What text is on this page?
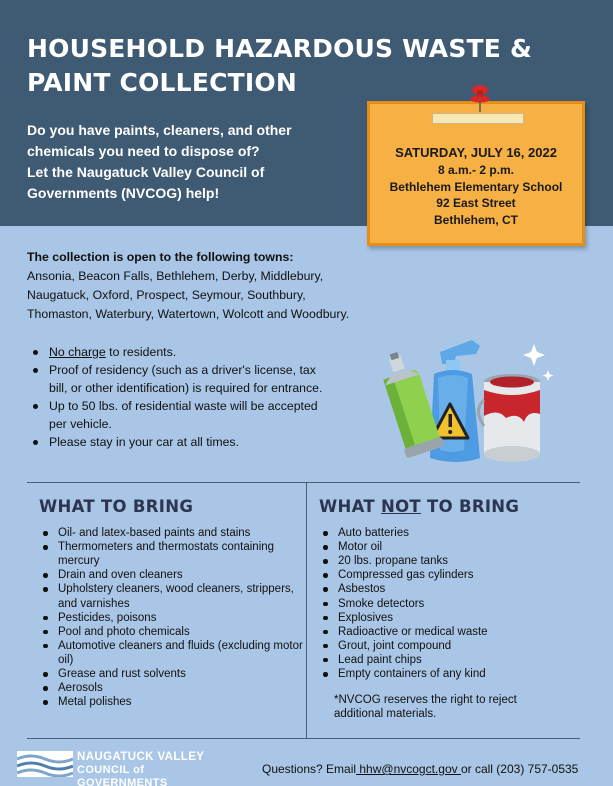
HOUSEHOLD HAZARDOUS WASTE &
PAINT COLLECTION
Do you have paints, cleaners, and other
chemicals you need to dispose of?
Let the Naugatuck Valley Council of
Governments (NVCOG) help!
SATURDAY, JULY 16, 2022
8 a.m.- 2 p.m.
Bethlehem Elementary School
92 East Street
Bethlehem, CT
The collection is open to the following towns:
Ansonia, Beacon Falls, Bethlehem, Derby, Middlebury,
Naugatuck, Oxford, Prospect, Seymour, Southbury,
Thomaston, Waterbury, Watertown, Wolcott and Woodbury.
No charge to residents.
Proof of residency (such as a driver's license, tax bill, or other identification) is required for entrance.
Up to 50 lbs. of residential waste will be accepted per vehicle.
Please stay in your car at all times.
WHAT TO BRING
Oil- and latex-based paints and stains
Thermometers and thermostats containing mercury
Drain and oven cleaners
Upholstery cleaners, wood cleaners, strippers, and varnishes
Pesticides, poisons
Pool and photo chemicals
Automotive cleaners and fluids (excluding motor oil)
Grease and rust solvents
Aerosols
Metal polishes
WHAT NOT TO BRING
Auto batteries
Motor oil
20 lbs. propane tanks
Compressed gas cylinders
Asbestos
Smoke detectors
Explosives
Radioactive or medical waste
Grout, joint compound
Lead paint chips
Empty containers of any kind
*NVCOG reserves the right to reject additional materials.
NAUGATUCK VALLEY
COUNCIL of GOVERNMENTS
Questions? Email hhw@nvcogct.gov or call (203) 757-0535
